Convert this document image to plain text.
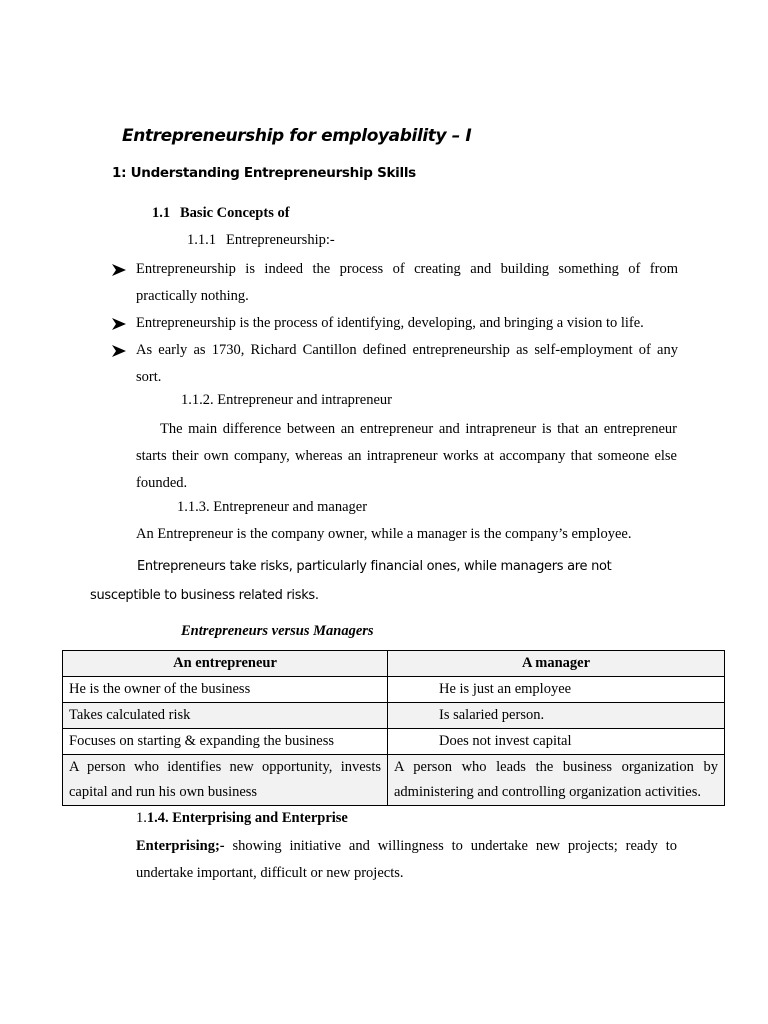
Entrepreneurship for employability – I
1: Understanding Entrepreneurship Skills
1.1 Basic Concepts of
1.1.1 Entrepreneurship:-
Entrepreneurship is indeed the process of creating and building something of from practically nothing.
Entrepreneurship is the process of identifying, developing, and bringing a vision to life.
As early as 1730, Richard Cantillon defined entrepreneurship as self-employment of any sort.
1.1.2. Entrepreneur and intrapreneur
The main difference between an entrepreneur and intrapreneur is that an entrepreneur starts their own company, whereas an intrapreneur works at accompany that someone else founded.
1.1.3. Entrepreneur and manager
An Entrepreneur is the company owner, while a manager is the company’s employee.
Entrepreneurs take risks, particularly financial ones, while managers are not susceptible to business related risks.
Entrepreneurs versus Managers
An entrepreneur	A manager
He is the owner of the business	He is just an employee
Takes calculated risk	Is salaried person.
Focuses on starting & expanding the business	Does not invest capital
A person who identifies new opportunity, invests capital and run his own business	A person who leads the business organization by administering and controlling organization activities.
1.1.4. Enterprising and Enterprise
Enterprising;- showing initiative and willingness to undertake new projects; ready to undertake important, difficult or new projects.
